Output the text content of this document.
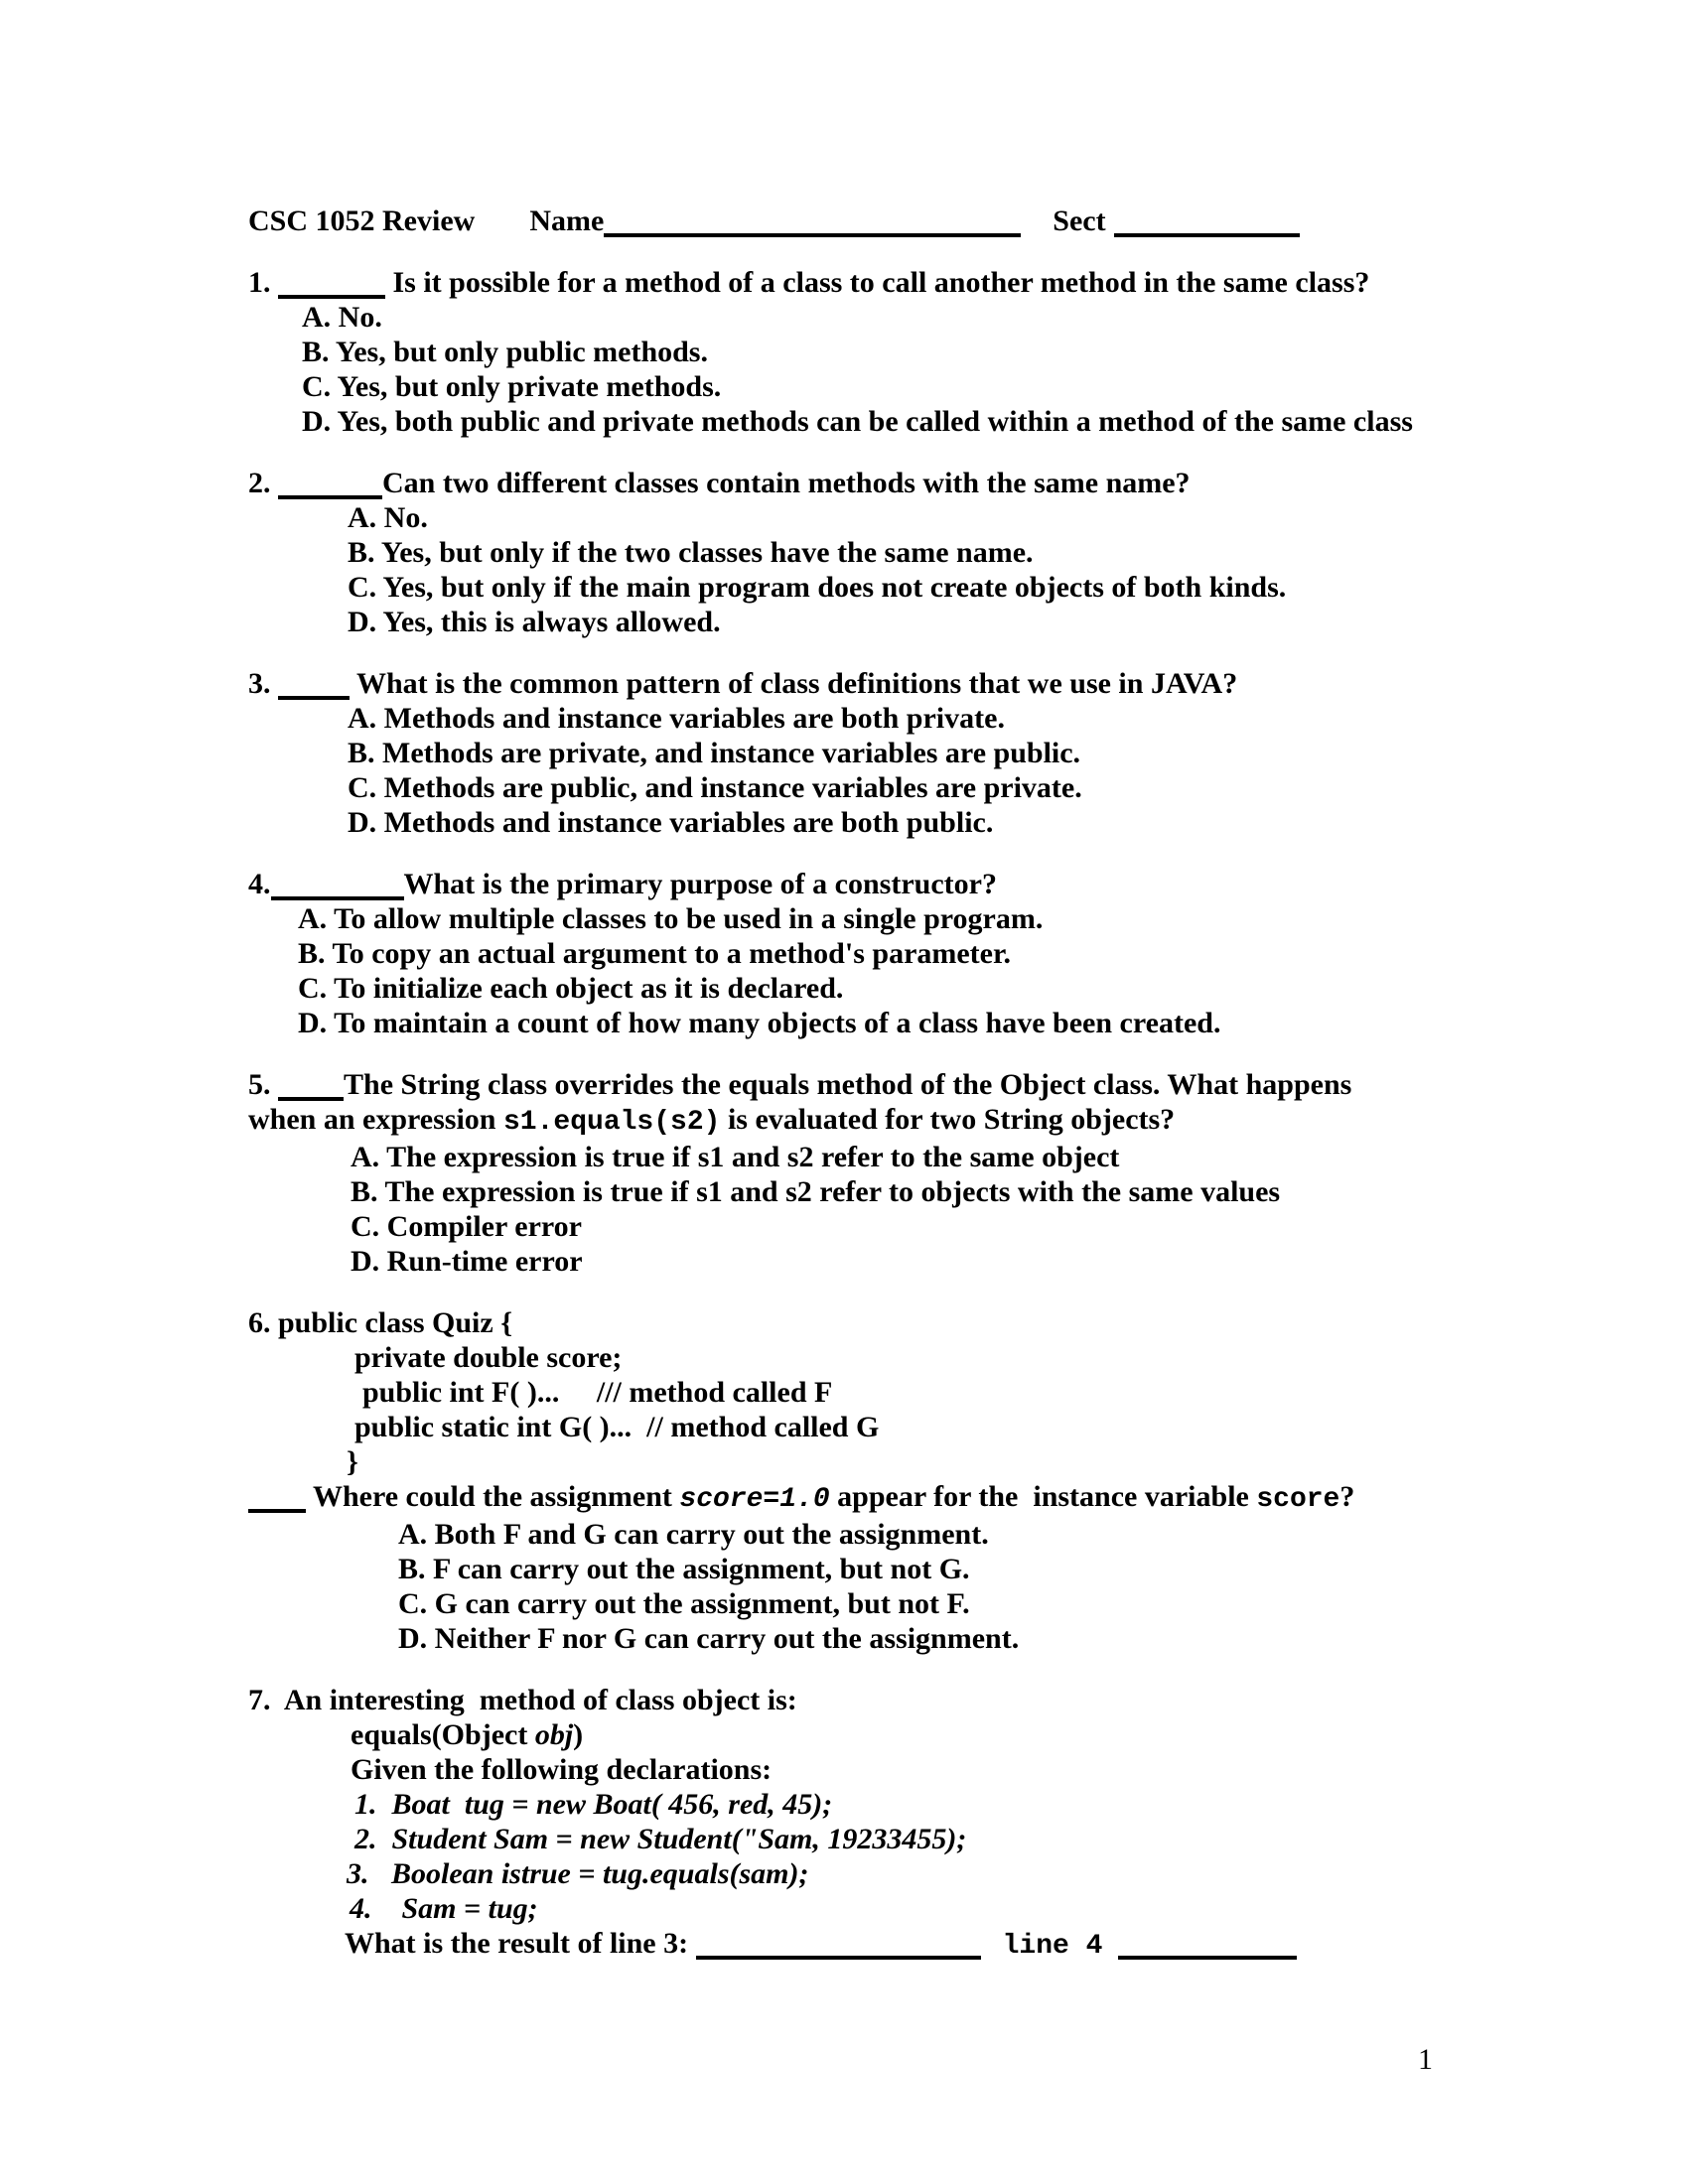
CSC 1052 Review Name	Sect
1.	Is it possible for a method of a class to call another method in the same class?
A. No.
B. Yes, but only public methods.
C. Yes, but only private methods.
D. Yes, both public and private methods can be called within a method of the same class
2.	Can two different classes contain methods with the same name?
A. No.
B. Yes, but only if the two classes have the same name.
C. Yes, but only if the main program does not create objects of both kinds.
D. Yes, this is always allowed.
3.  What is the common pattern of class definitions that we use in JAVA?
A. Methods and instance variables are both private.
B. Methods are private, and instance variables are public.
C. Methods are public, and instance variables are private.
D. Methods and instance variables are both public.
4.	What is the primary purpose of a constructor?
A. To allow multiple classes to be used in a single program.
B. To copy an actual argument to a method's parameter.
C. To initialize each object as it is declared.
D. To maintain a count of how many objects of a class have been created.
5. The String class overrides the equals method of the Object class. What happens
when an expression s1.equals(s2) is evaluated for two String objects?
A. The expression is true if s1 and s2 refer to the same object
B. The expression is true if s1 and s2 refer to objects with the same values
C. Compiler error
D. Run-time error
6. public class Quiz {
private double score;
public int F( )...     /// method called F
public static int G( )...  // method called G
}
Where could the assignment score=1.0 appear for the  instance variable score?
A. Both F and G can carry out the assignment.
B. F can carry out the assignment, but not G.
C. G can carry out the assignment, but not F.
D. Neither F nor G can carry out the assignment.
7.  An interesting  method of class object is:
equals(Object obj)
Given the following declarations:
1.  Boat  tug = new Boat( 456, red, 45);
2.  Student Sam = new Student("Sam, 19233455);
3.   Boolean istrue = tug.equals(sam);
4.    Sam = tug;
What is the result of line 3:	line 4
1
